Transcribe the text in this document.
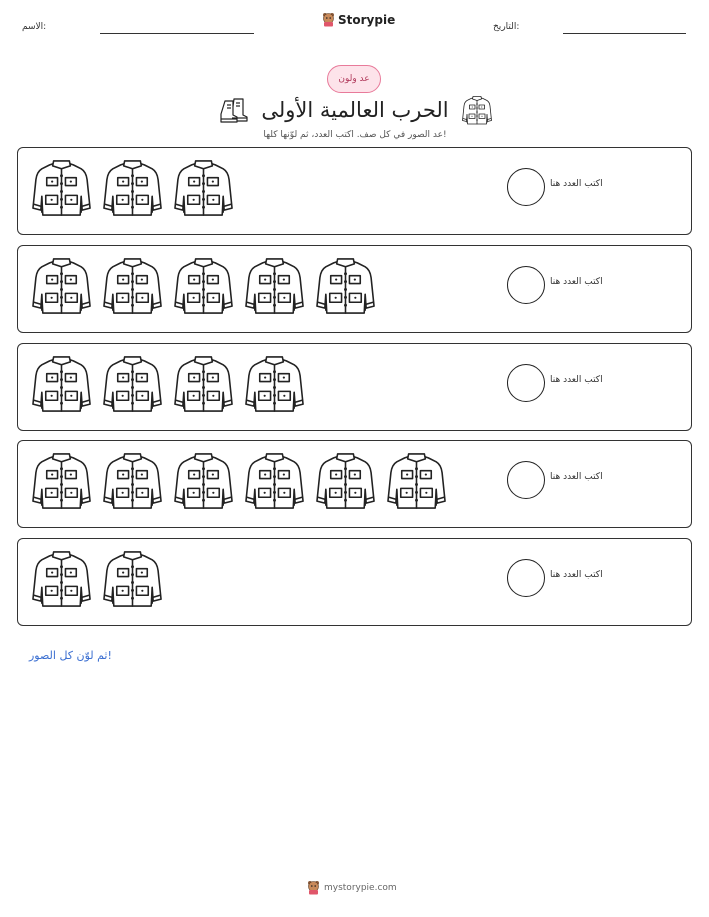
الاسم:
Storypie
التاريخ:
عد ولون
الحرب العالمية الأولى
عد الصور في كل صف. اكتب العدد، ثم لوّنها كلها!
اكتب العدد هنا
اكتب العدد هنا
اكتب العدد هنا
اكتب العدد هنا
اكتب العدد هنا
ثم لوّن كل الصور!
mystorypie.com
